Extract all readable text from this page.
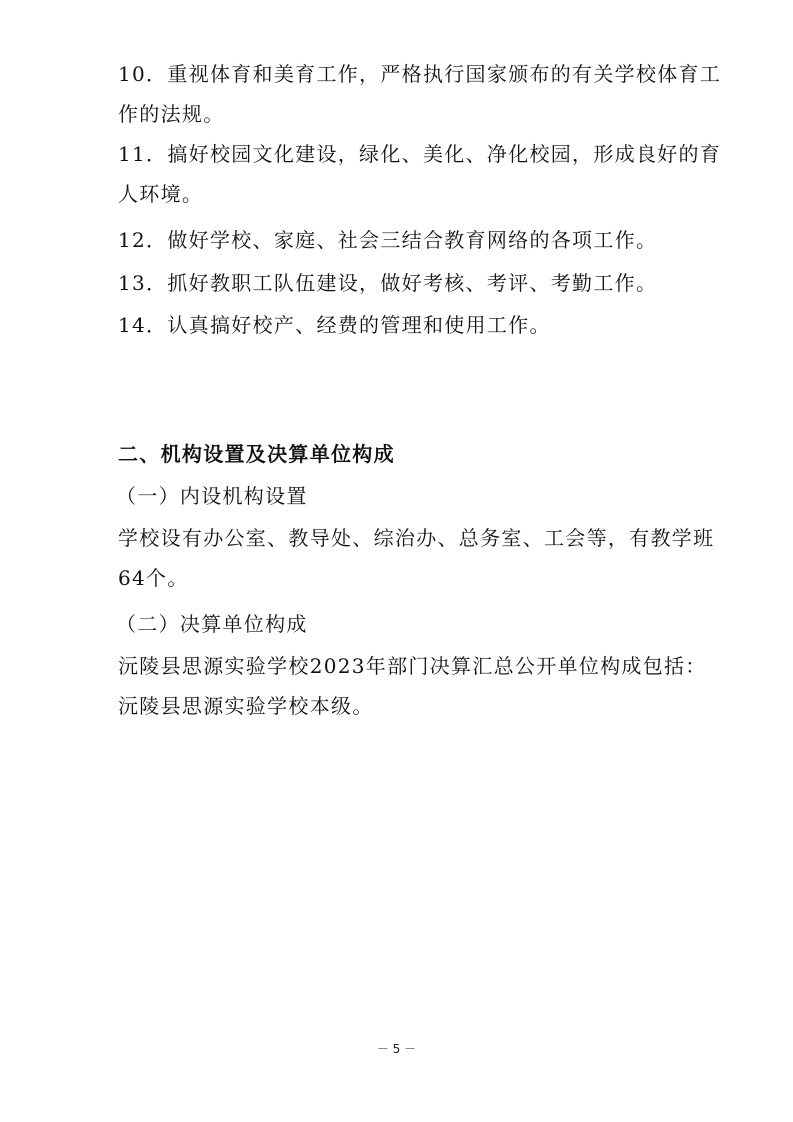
10．重视体育和美育工作，严格执行国家颁布的有关学校体育工作的法规。

11．搞好校园文化建设，绿化、美化、净化校园，形成良好的育人环境。

12．做好学校、家庭、社会三结合教育网络的各项工作。

13．抓好教职工队伍建设，做好考核、考评、考勤工作。

14．认真搞好校产、经费的管理和使用工作。

二、机构设置及决算单位构成

（一）内设机构设置

学校设有办公室、教导处、综治办、总务室、工会等，有教学班64个。

（二）决算单位构成

沅陵县思源实验学校2023年部门决算汇总公开单位构成包括：沅陵县思源实验学校本级。

－ 5 －
